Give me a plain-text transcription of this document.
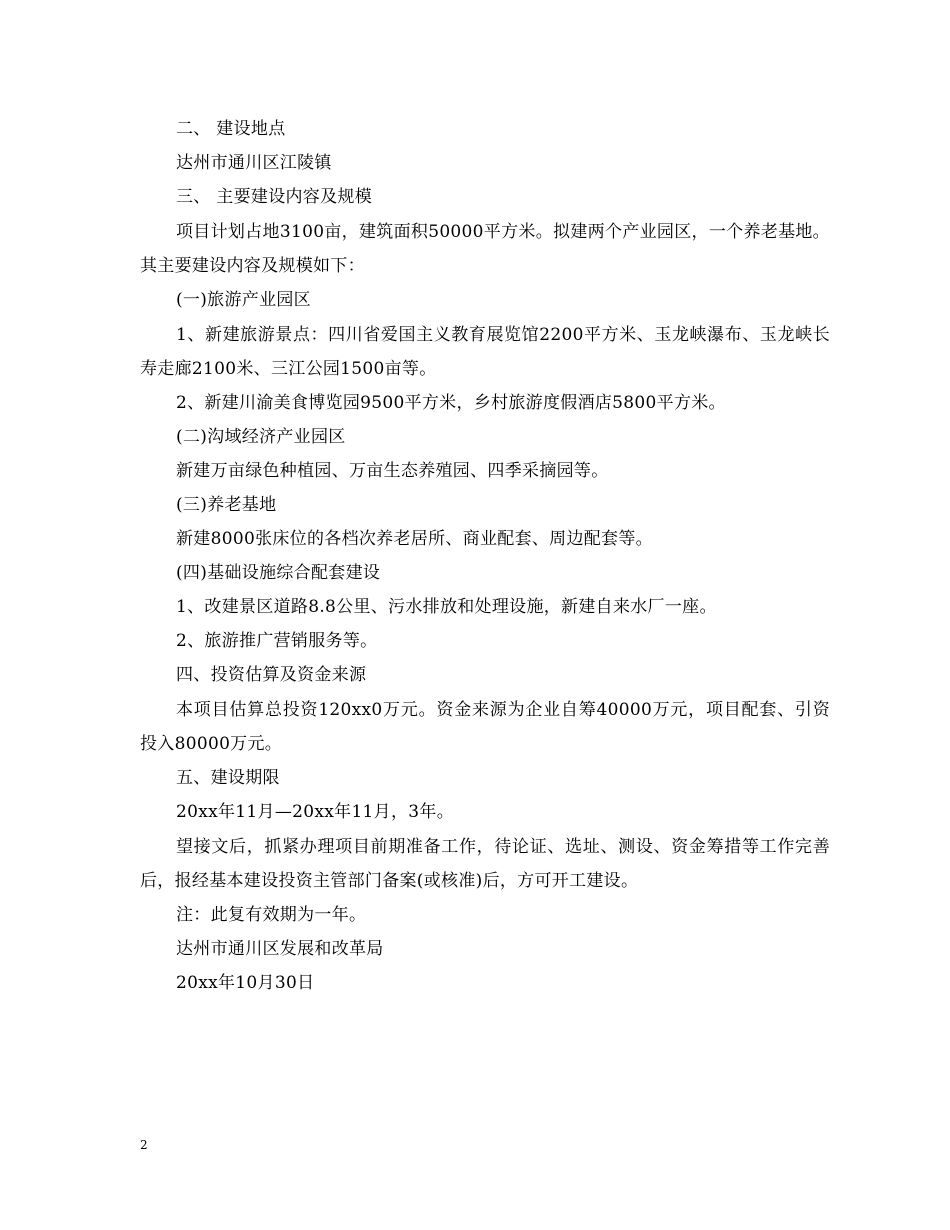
二、 建设地点

达州市通川区江陵镇

三、 主要建设内容及规模

项目计划占地3100亩，建筑面积50000平方米。拟建两个产业园区，一个养老基地。其主要建设内容及规模如下：

(一)旅游产业园区

1、新建旅游景点：四川省爱国主义教育展览馆2200平方米、玉龙峡瀑布、玉龙峡长寿走廊2100米、三江公园1500亩等。

2、新建川渝美食博览园9500平方米，乡村旅游度假酒店5800平方米。

(二)沟域经济产业园区

新建万亩绿色种植园、万亩生态养殖园、四季采摘园等。

(三)养老基地

新建8000张床位的各档次养老居所、商业配套、周边配套等。

(四)基础设施综合配套建设

1、改建景区道路8.8公里、污水排放和处理设施，新建自来水厂一座。

2、旅游推广营销服务等。

四、投资估算及资金来源

本项目估算总投资120xx0万元。资金来源为企业自筹40000万元，项目配套、引资投入80000万元。

五、建设期限

20xx年11月—20xx年11月，3年。

望接文后，抓紧办理项目前期准备工作，待论证、选址、测设、资金筹措等工作完善后，报经基本建设投资主管部门备案(或核准)后，方可开工建设。

注：此复有效期为一年。

达州市通川区发展和改革局

20xx年10月30日

2
